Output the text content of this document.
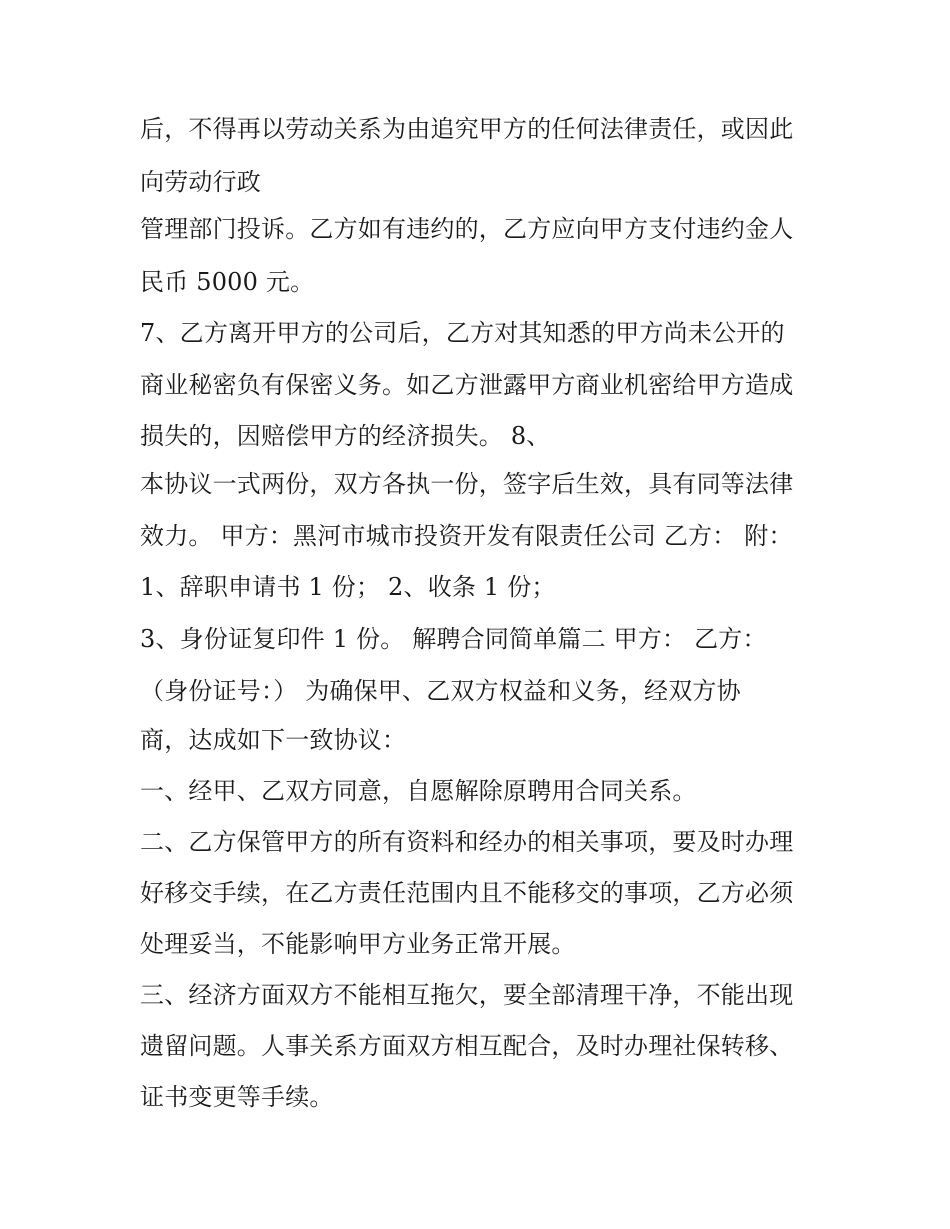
后，不得再以劳动关系为由追究甲方的任何法律责任，或因此

向劳动行政

管理部门投诉。乙方如有违约的，乙方应向甲方支付违约金人

民币 5000 元。

7、乙方离开甲方的公司后，乙方对其知悉的甲方尚未公开的

商业秘密负有保密义务。如乙方泄露甲方商业机密给甲方造成

损失的，因赔偿甲方的经济损失。 8、

本协议一式两份，双方各执一份，签字后生效，具有同等法律

效力。 甲方：黑河市城市投资开发有限责任公司 乙方： 附：

1、辞职申请书 1 份； 2、收条 1 份；

3、身份证复印件 1 份。 解聘合同简单篇二 甲方： 乙方：

（身份证号：） 为确保甲、乙双方权益和义务，经双方协

商，达成如下一致协议：

一、经甲、乙双方同意，自愿解除原聘用合同关系。

二、乙方保管甲方的所有资料和经办的相关事项，要及时办理

好移交手续，在乙方责任范围内且不能移交的事项，乙方必须

处理妥当，不能影响甲方业务正常开展。

三、经济方面双方不能相互拖欠，要全部清理干净，不能出现

遗留问题。人事关系方面双方相互配合，及时办理社保转移、

证书变更等手续。
